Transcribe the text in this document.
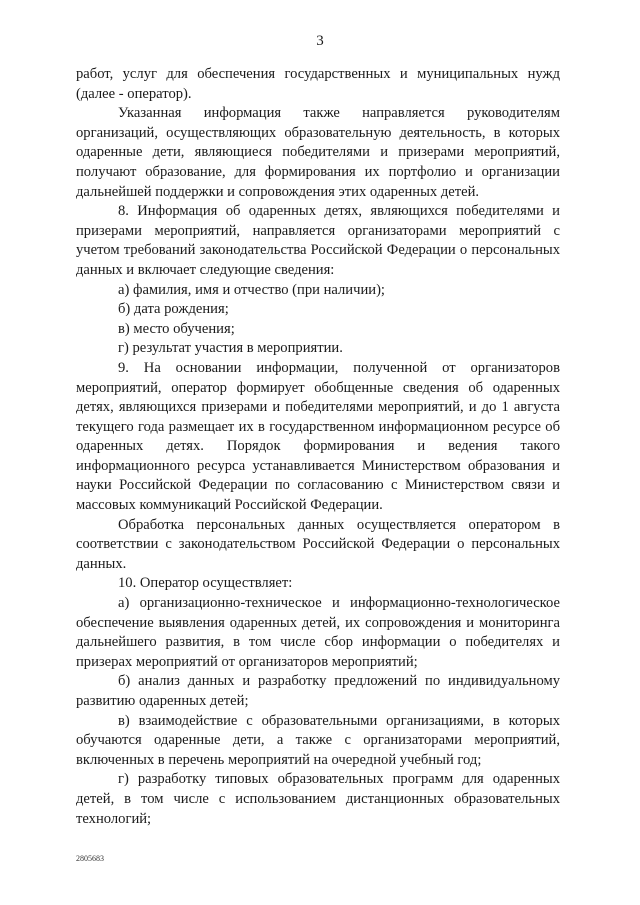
3

работ, услуг для обеспечения государственных и муниципальных нужд (далее - оператор).

Указанная информация также направляется руководителям организаций, осуществляющих образовательную деятельность, в которых одаренные дети, являющиеся победителями и призерами мероприятий, получают образование, для формирования их портфолио и организации дальнейшей поддержки и сопровождения этих одаренных детей.

8. Информация об одаренных детях, являющихся победителями и призерами мероприятий, направляется организаторами мероприятий с учетом требований законодательства Российской Федерации о персональных данных и включает следующие сведения:

а) фамилия, имя и отчество (при наличии);

б) дата рождения;

в) место обучения;

г) результат участия в мероприятии.

9. На основании информации, полученной от организаторов мероприятий, оператор формирует обобщенные сведения об одаренных детях, являющихся призерами и победителями мероприятий, и до 1 августа текущего года размещает их в государственном информационном ресурсе об одаренных детях. Порядок формирования и ведения такого информационного ресурса устанавливается Министерством образования и науки Российской Федерации по согласованию с Министерством связи и массовых коммуникаций Российской Федерации.

Обработка персональных данных осуществляется оператором в соответствии с законодательством Российской Федерации о персональных данных.

10. Оператор осуществляет:

а) организационно-техническое и информационно-технологическое обеспечение выявления одаренных детей, их сопровождения и мониторинга дальнейшего развития, в том числе сбор информации о победителях и призерах мероприятий от организаторов мероприятий;

б) анализ данных и разработку предложений по индивидуальному развитию одаренных детей;

в) взаимодействие с образовательными организациями, в которых обучаются одаренные дети, а также с организаторами мероприятий, включенных в перечень мероприятий на очередной учебный год;

г) разработку типовых образовательных программ для одаренных детей, в том числе с использованием дистанционных образовательных технологий;

2805683
